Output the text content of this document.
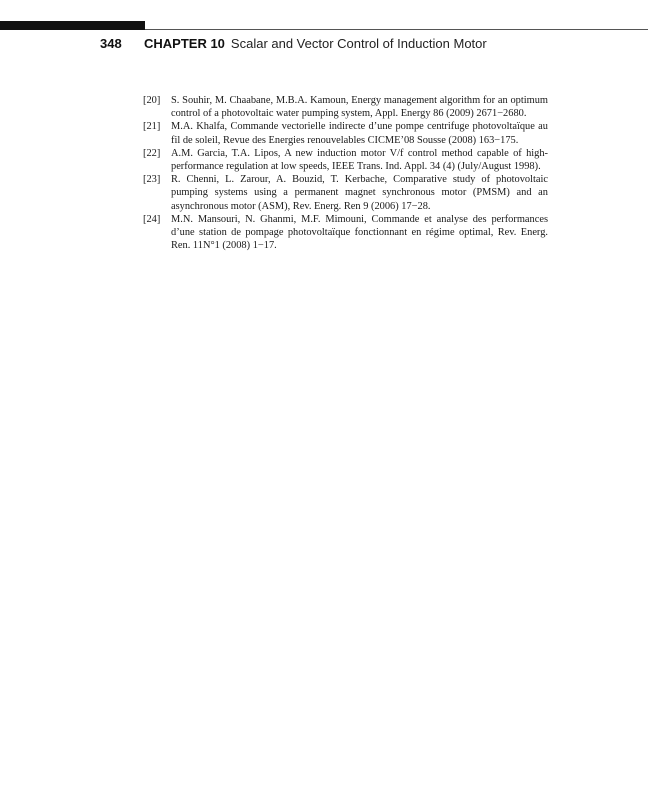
348	CHAPTER 10 Scalar and Vector Control of Induction Motor
[20]	S. Souhir, M. Chaabane, M.B.A. Kamoun, Energy management algorithm for an optimum control of a photovoltaic water pumping system, Appl. Energy 86 (2009) 2671−2680.
[21]	M.A. Khalfa, Commande vectorielle indirecte d’une pompe centrifuge photovoltaïque au fil de soleil, Revue des Energies renouvelables CICME’08 Sousse (2008) 163−175.
[22]	A.M. Garcia, T.A. Lipos, A new induction motor V/f control method capable of high-performance regulation at low speeds, IEEE Trans. Ind. Appl. 34 (4) (July/August 1998).
[23]	R. Chenni, L. Zarour, A. Bouzid, T. Kerbache, Comparative study of photovoltaic pumping systems using a permanent magnet synchronous motor (PMSM) and an asynchronous motor (ASM), Rev. Energ. Ren 9 (2006) 17−28.
[24]	M.N. Mansouri, N. Ghanmi, M.F. Mimouni, Commande et analyse des performances d’une station de pompage photovoltaïque fonctionnant en régime optimal, Rev. Energ. Ren. 11N°1 (2008) 1−17.
